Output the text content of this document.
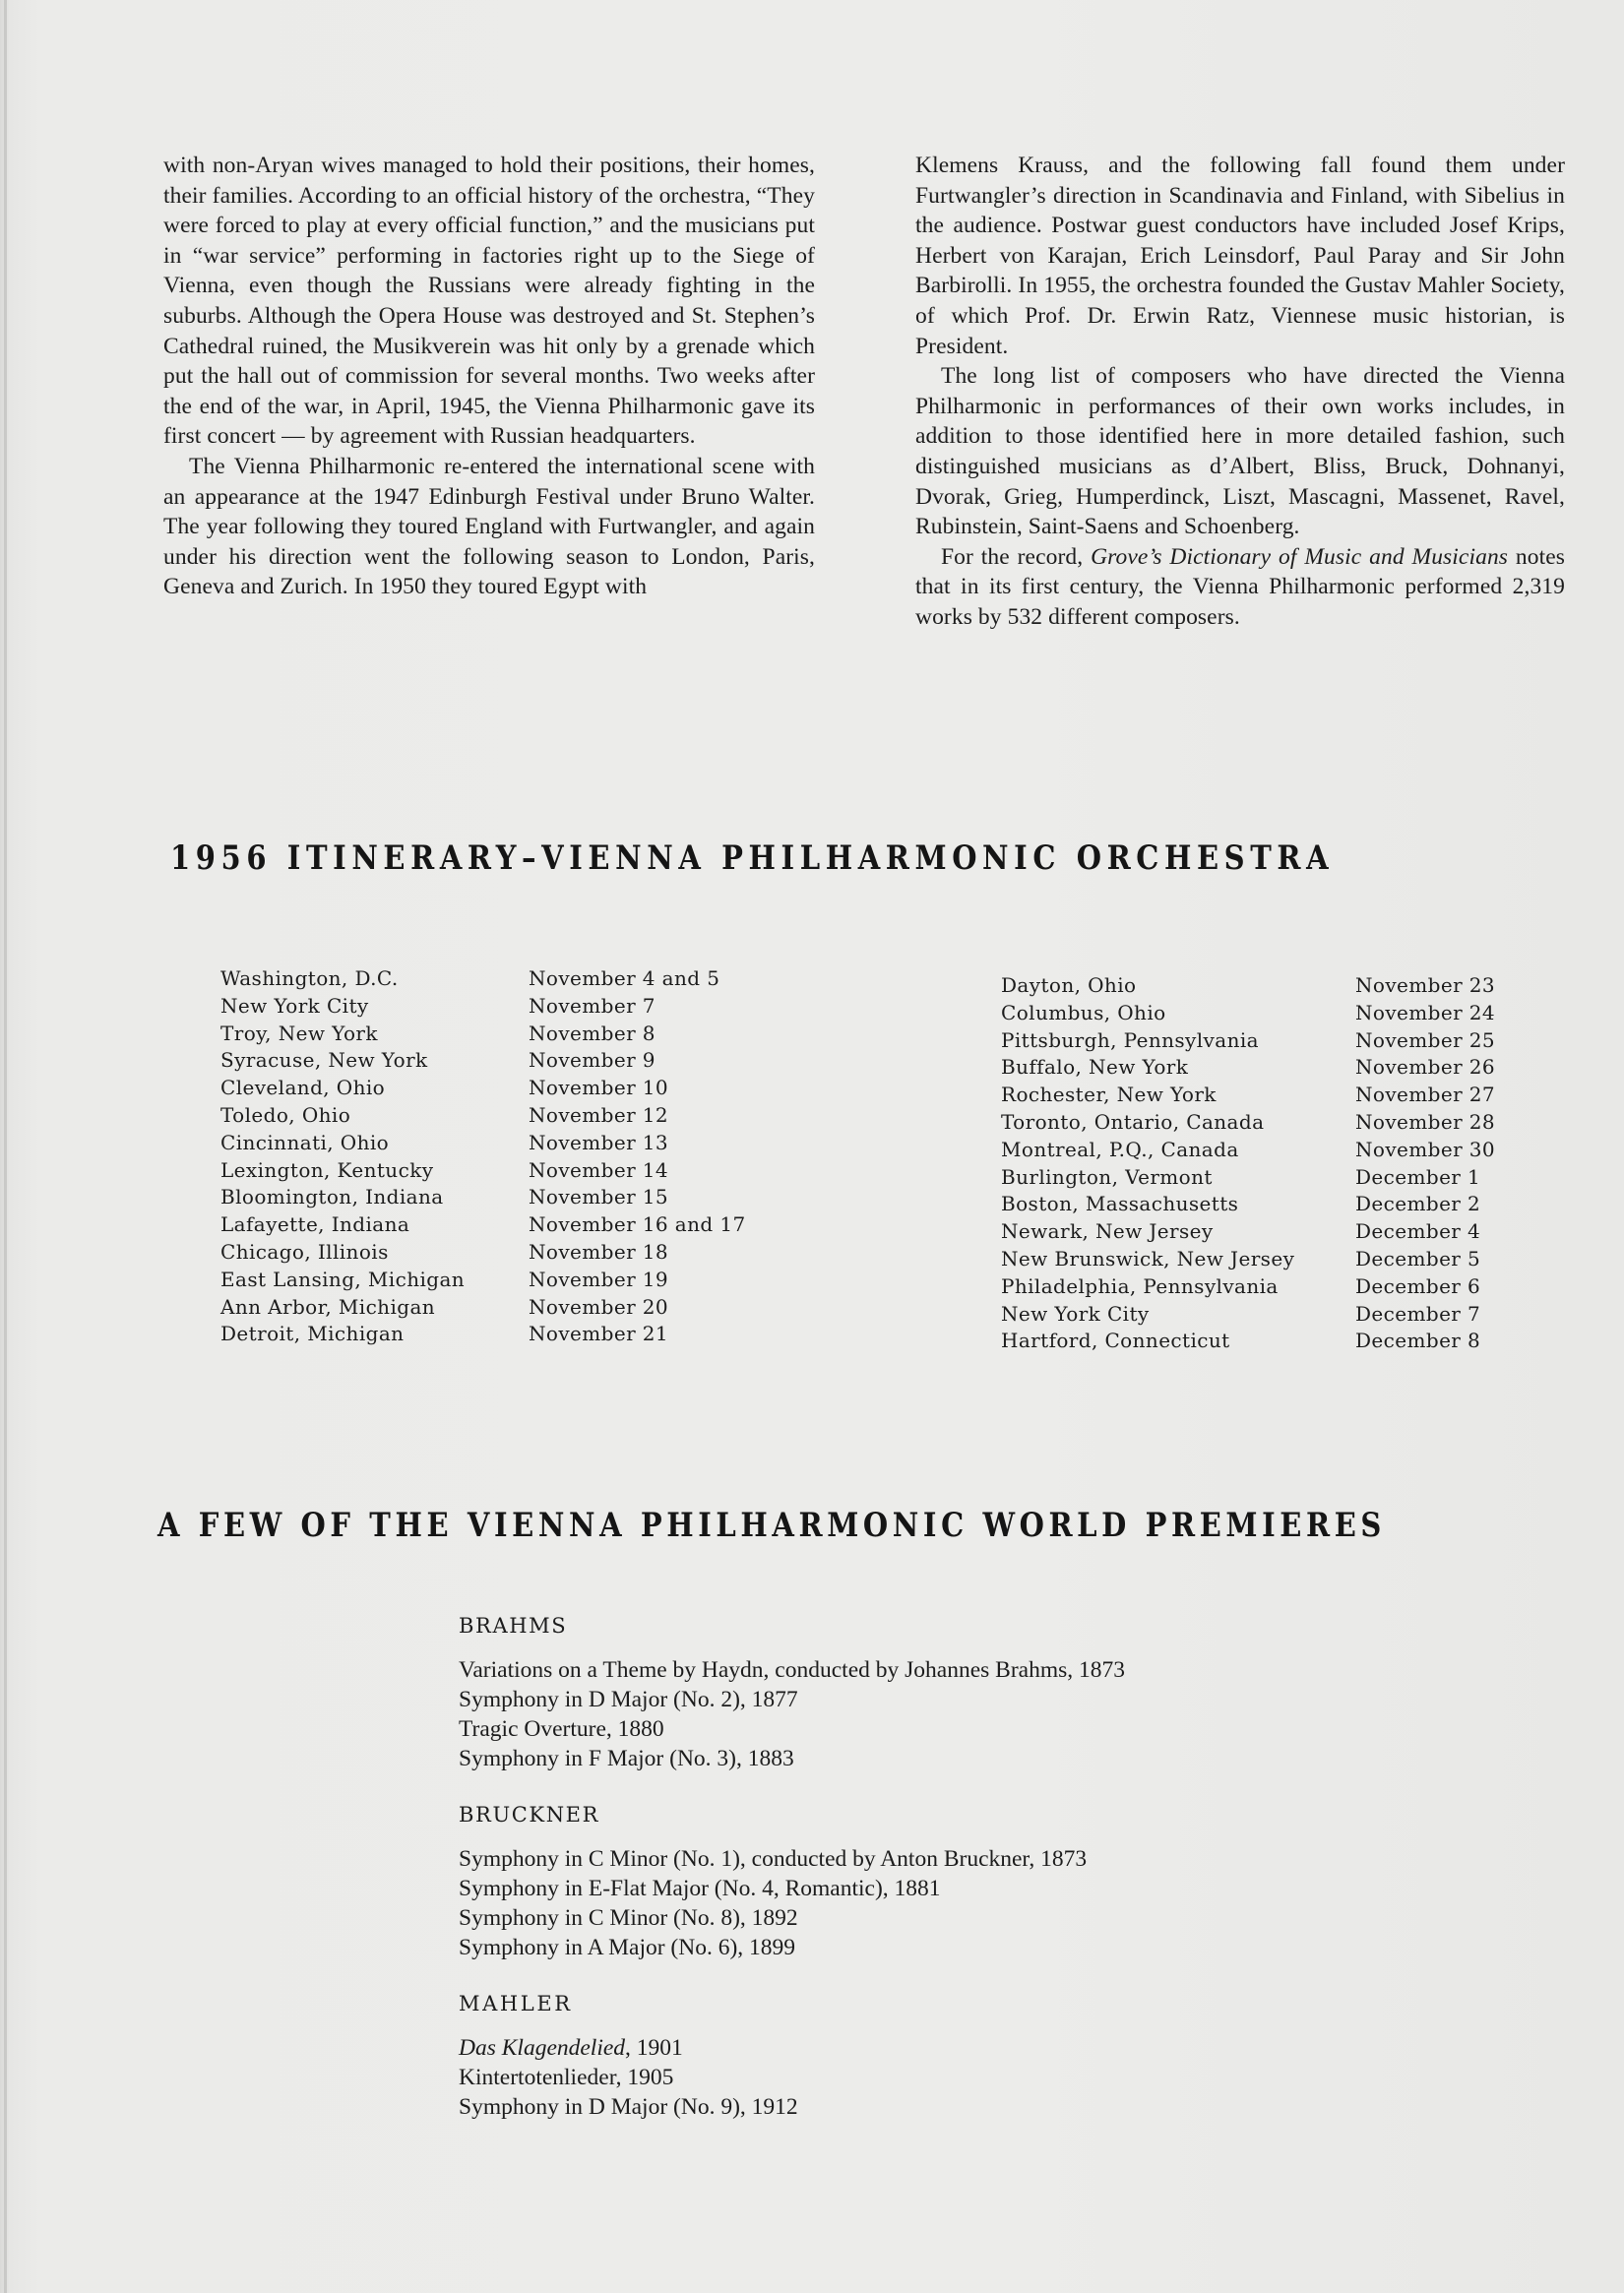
with non-Aryan wives managed to hold their positions, their homes, their families. According to an official history of the orchestra, “They were forced to play at every official function,” and the musicians put in “war service” performing in factories right up to the Siege of Vienna, even though the Russians were already fighting in the suburbs. Although the Opera House was destroyed and St. Stephen’s Cathedral ruined, the Musikverein was hit only by a grenade which put the hall out of commission for several months. Two weeks after the end of the war, in April, 1945, the Vienna Philharmonic gave its first concert — by agreement with Russian headquarters.

The Vienna Philharmonic re-entered the international scene with an appearance at the 1947 Edinburgh Festival under Bruno Walter. The year following they toured England with Furtwangler, and again under his direction went the following season to London, Paris, Geneva and Zurich. In 1950 they toured Egypt with

Klemens Krauss, and the following fall found them under Furtwangler’s direction in Scandinavia and Finland, with Sibelius in the audience. Postwar guest conductors have included Josef Krips, Herbert von Karajan, Erich Leinsdorf, Paul Paray and Sir John Barbirolli. In 1955, the orchestra founded the Gustav Mahler Society, of which Prof. Dr. Erwin Ratz, Viennese music historian, is President.

The long list of composers who have directed the Vienna Philharmonic in performances of their own works includes, in addition to those identified here in more detailed fashion, such distinguished musicians as d’Albert, Bliss, Bruck, Dohnanyi, Dvorak, Grieg, Humperdinck, Liszt, Mascagni, Massenet, Ravel, Rubinstein, Saint-Saens and Schoenberg.

For the record, Grove’s Dictionary of Music and Musicians notes that in its first century, the Vienna Philharmonic performed 2,319 works by 532 different composers.

1956 ITINERARY–VIENNA PHILHARMONIC ORCHESTRA
Washington, D.C.	November 4 and 5
New York City	November 7
Troy, New York	November 8
Syracuse, New York	November 9
Cleveland, Ohio	November 10
Toledo, Ohio	November 12
Cincinnati, Ohio	November 13
Lexington, Kentucky	November 14
Bloomington, Indiana	November 15
Lafayette, Indiana	November 16 and 17
Chicago, Illinois	November 18
East Lansing, Michigan	November 19
Ann Arbor, Michigan	November 20
Detroit, Michigan	November 21
Dayton, Ohio	November 23
Columbus, Ohio	November 24
Pittsburgh, Pennsylvania	November 25
Buffalo, New York	November 26
Rochester, New York	November 27
Toronto, Ontario, Canada	November 28
Montreal, P.Q., Canada	November 30
Burlington, Vermont	December 1
Boston, Massachusetts	December 2
Newark, New Jersey	December 4
New Brunswick, New Jersey	December 5
Philadelphia, Pennsylvania	December 6
New York City	December 7
Hartford, Connecticut	December 8
A FEW OF THE VIENNA PHILHARMONIC WORLD PREMIERES
BRAHMS
Variations on a Theme by Haydn, conducted by Johannes Brahms, 1873
Symphony in D Major (No. 2), 1877
Tragic Overture, 1880
Symphony in F Major (No. 3), 1883
BRUCKNER
Symphony in C Minor (No. 1), conducted by Anton Bruckner, 1873
Symphony in E-Flat Major (No. 4, Romantic), 1881
Symphony in C Minor (No. 8), 1892
Symphony in A Major (No. 6), 1899
MAHLER
Das Klagendelied, 1901
Kintertotenlieder, 1905
Symphony in D Major (No. 9), 1912
